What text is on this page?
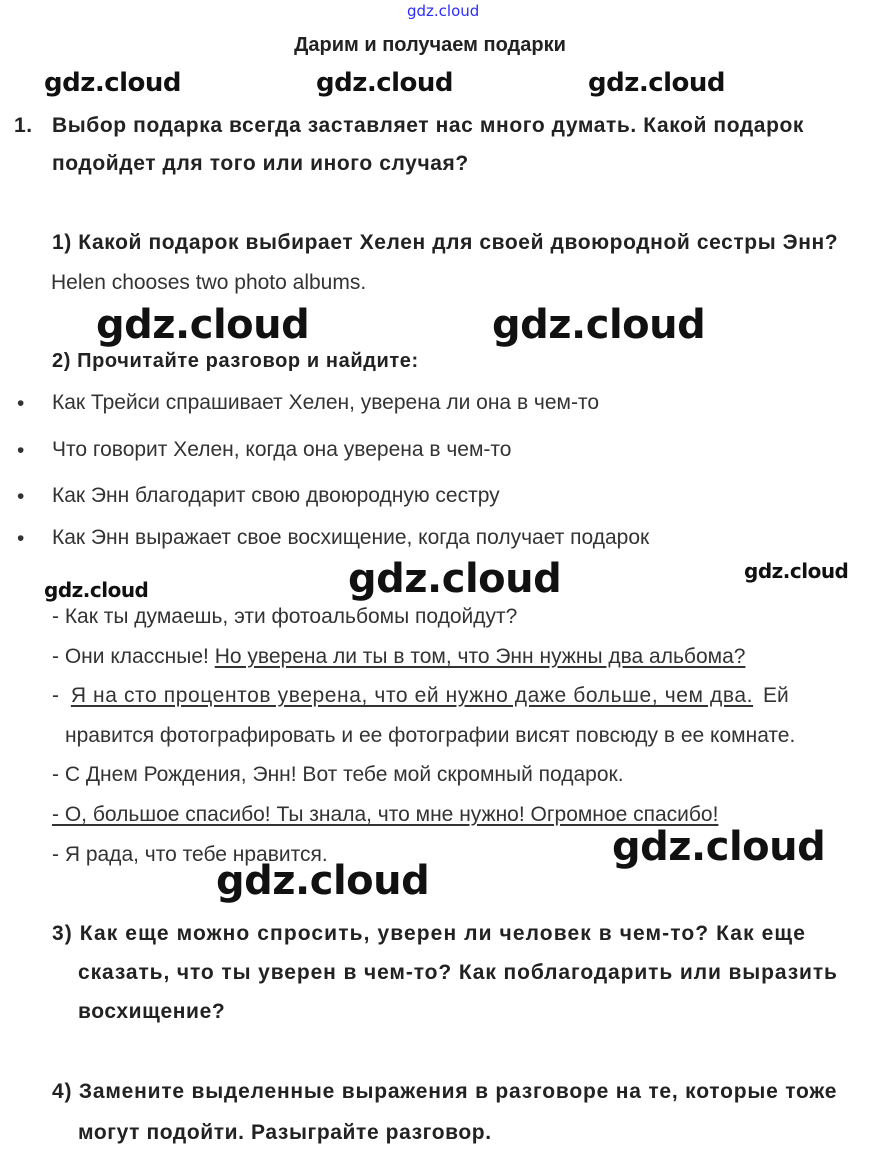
gdz.cloud
gdz.cloud	gdz.cloud	gdz.cloud
gdz.cloud	gdz.cloud
gdz.cloud	gdz.cloud	gdz.cloud
gdz.cloud
gdz.cloud
Дарим и получаем подарки
1. Выбор подарка всегда заставляет нас много думать. Какой подарок
подойдет для того или иного случая?
1) Какой подарок выбирает Хелен для своей двоюродной сестры Энн?
Helen chooses two photo albums.
2) Прочитайте разговор и найдите:
• Как Трейси спрашивает Хелен, уверена ли она в чем-то
• Что говорит Хелен, когда она уверена в чем-то
• Как Энн благодарит свою двоюродную сестру
• Как Энн выражает свое восхищение, когда получает подарок
- Как ты думаешь, эти фотоальбомы подойдут?
- Они классные! Но уверена ли ты в том, что Энн нужны два альбома?
- Я на сто процентов уверена, что ей нужно даже больше, чем два. Ей
нравится фотографировать и ее фотографии висят повсюду в ее комнате.
- С Днем Рождения, Энн! Вот тебе мой скромный подарок.
- О, большое спасибо! Ты знала, что мне нужно! Огромное спасибо!
- Я рада, что тебе нравится.
3) Как еще можно спросить, уверен ли человек в чем-то? Как еще
сказать, что ты уверен в чем-то? Как поблагодарить или выразить
восхищение?
4) Замените выделенные выражения в разговоре на те, которые тоже
могут подойти. Разыграйте разговор.
